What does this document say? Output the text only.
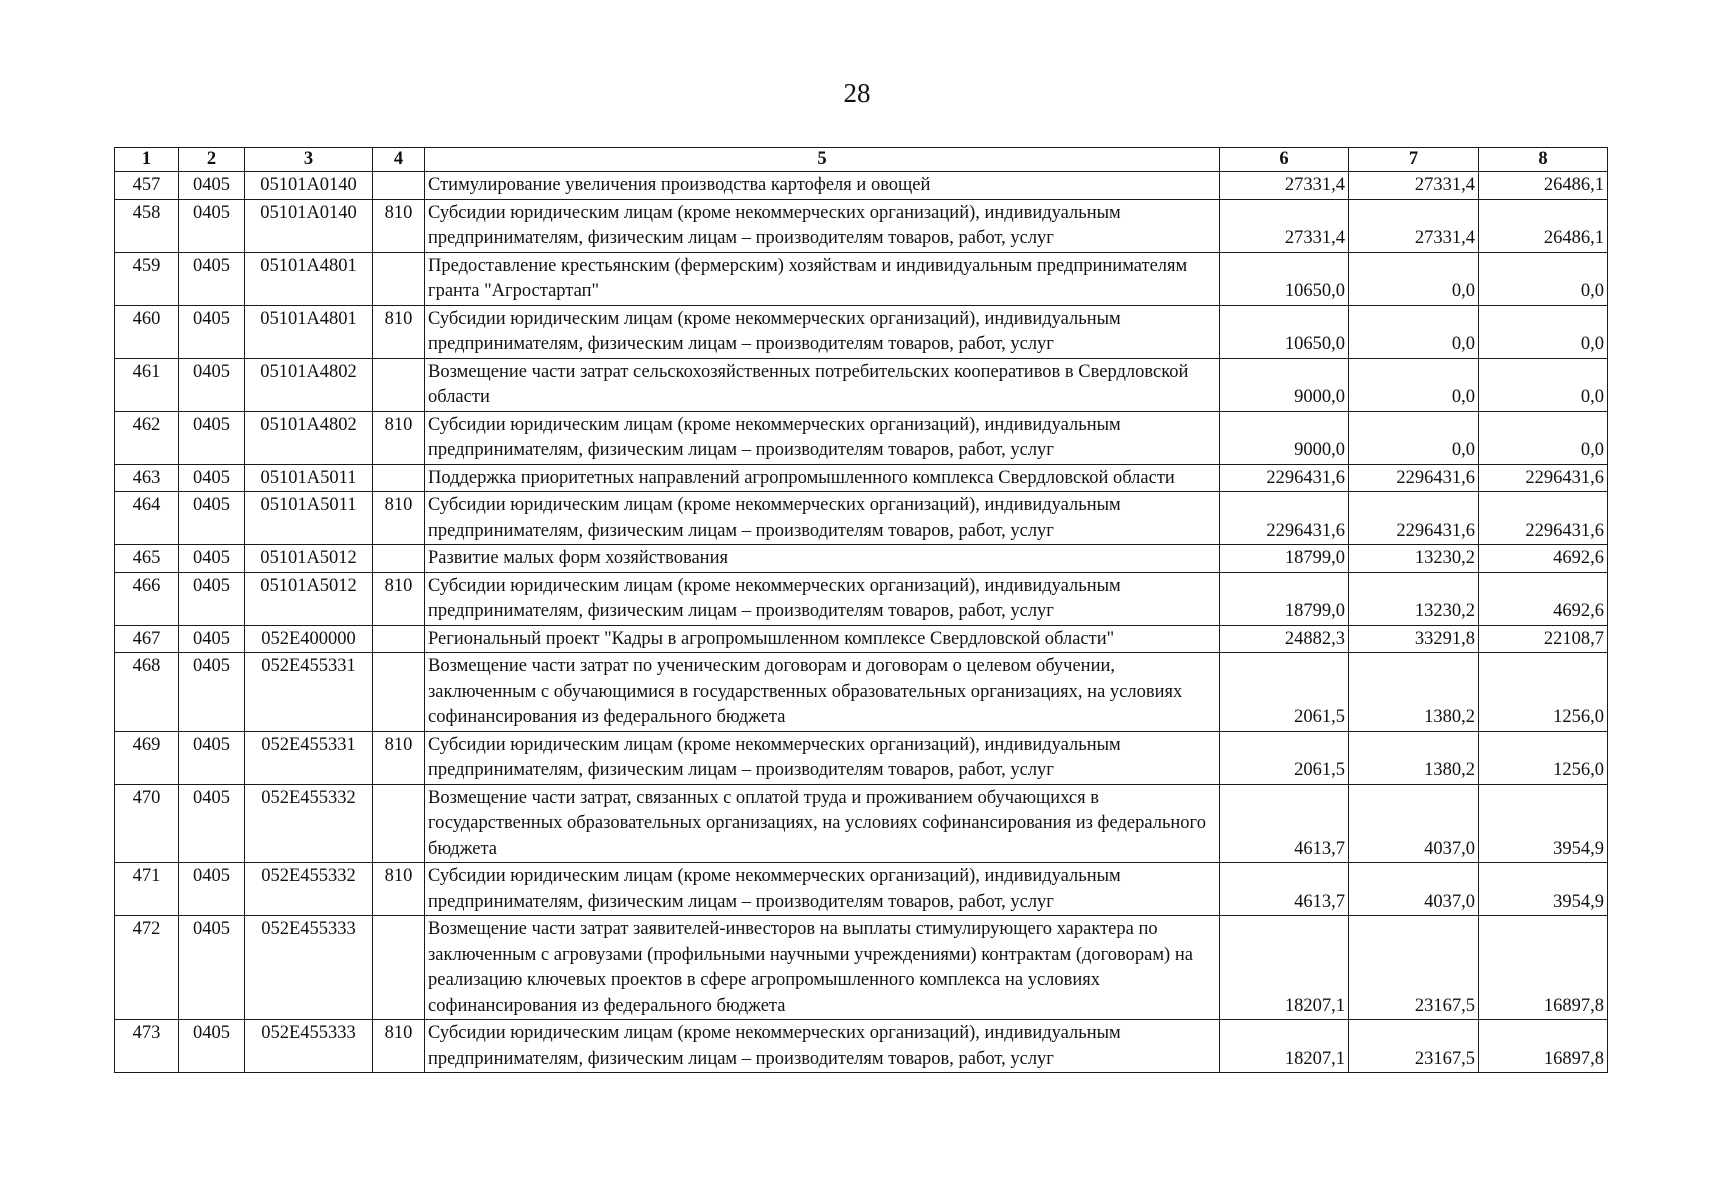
28
1	2	3	4	5	6	7	8
457	0405	05101A0140		Стимулирование увеличения производства картофеля и овощей	27331,4	27331,4	26486,1
458	0405	05101A0140	810	Субсидии юридическим лицам (кроме некоммерческих организаций), индивидуальным предпринимателям, физическим лицам – производителям товаров, работ, услуг	27331,4	27331,4	26486,1
459	0405	05101A4801		Предоставление крестьянским (фермерским) хозяйствам и индивидуальным предпринимателям гранта "Агростартап"	10650,0	0,0	0,0
460	0405	05101A4801	810	Субсидии юридическим лицам (кроме некоммерческих организаций), индивидуальным предпринимателям, физическим лицам – производителям товаров, работ, услуг	10650,0	0,0	0,0
461	0405	05101A4802		Возмещение части затрат сельскохозяйственных потребительских кооперативов в Свердловской области	9000,0	0,0	0,0
462	0405	05101A4802	810	Субсидии юридическим лицам (кроме некоммерческих организаций), индивидуальным предпринимателям, физическим лицам – производителям товаров, работ, услуг	9000,0	0,0	0,0
463	0405	05101A5011		Поддержка приоритетных направлений агропромышленного комплекса Свердловской области	2296431,6	2296431,6	2296431,6
464	0405	05101A5011	810	Субсидии юридическим лицам (кроме некоммерческих организаций), индивидуальным предпринимателям, физическим лицам – производителям товаров, работ, услуг	2296431,6	2296431,6	2296431,6
465	0405	05101A5012		Развитие малых форм хозяйствования	18799,0	13230,2	4692,6
466	0405	05101A5012	810	Субсидии юридическим лицам (кроме некоммерческих организаций), индивидуальным предпринимателям, физическим лицам – производителям товаров, работ, услуг	18799,0	13230,2	4692,6
467	0405	052E400000		Региональный проект "Кадры в агропромышленном комплексе Свердловской области"	24882,3	33291,8	22108,7
468	0405	052E455331		Возмещение части затрат по ученическим договорам и договорам о целевом обучении, заключенным с обучающимися в государственных образовательных организациях, на условиях софинансирования из федерального бюджета	2061,5	1380,2	1256,0
469	0405	052E455331	810	Субсидии юридическим лицам (кроме некоммерческих организаций), индивидуальным предпринимателям, физическим лицам – производителям товаров, работ, услуг	2061,5	1380,2	1256,0
470	0405	052E455332		Возмещение части затрат, связанных с оплатой труда и проживанием обучающихся в государственных образовательных организациях, на условиях софинансирования из федерального бюджета	4613,7	4037,0	3954,9
471	0405	052E455332	810	Субсидии юридическим лицам (кроме некоммерческих организаций), индивидуальным предпринимателям, физическим лицам – производителям товаров, работ, услуг	4613,7	4037,0	3954,9
472	0405	052E455333		Возмещение части затрат заявителей-инвесторов на выплаты стимулирующего характера по заключенным с агровузами (профильными научными учреждениями) контрактам (договорам) на реализацию ключевых проектов в сфере агропромышленного комплекса на условиях софинансирования из федерального бюджета	18207,1	23167,5	16897,8
473	0405	052E455333	810	Субсидии юридическим лицам (кроме некоммерческих организаций), индивидуальным предпринимателям, физическим лицам – производителям товаров, работ, услуг	18207,1	23167,5	16897,8
